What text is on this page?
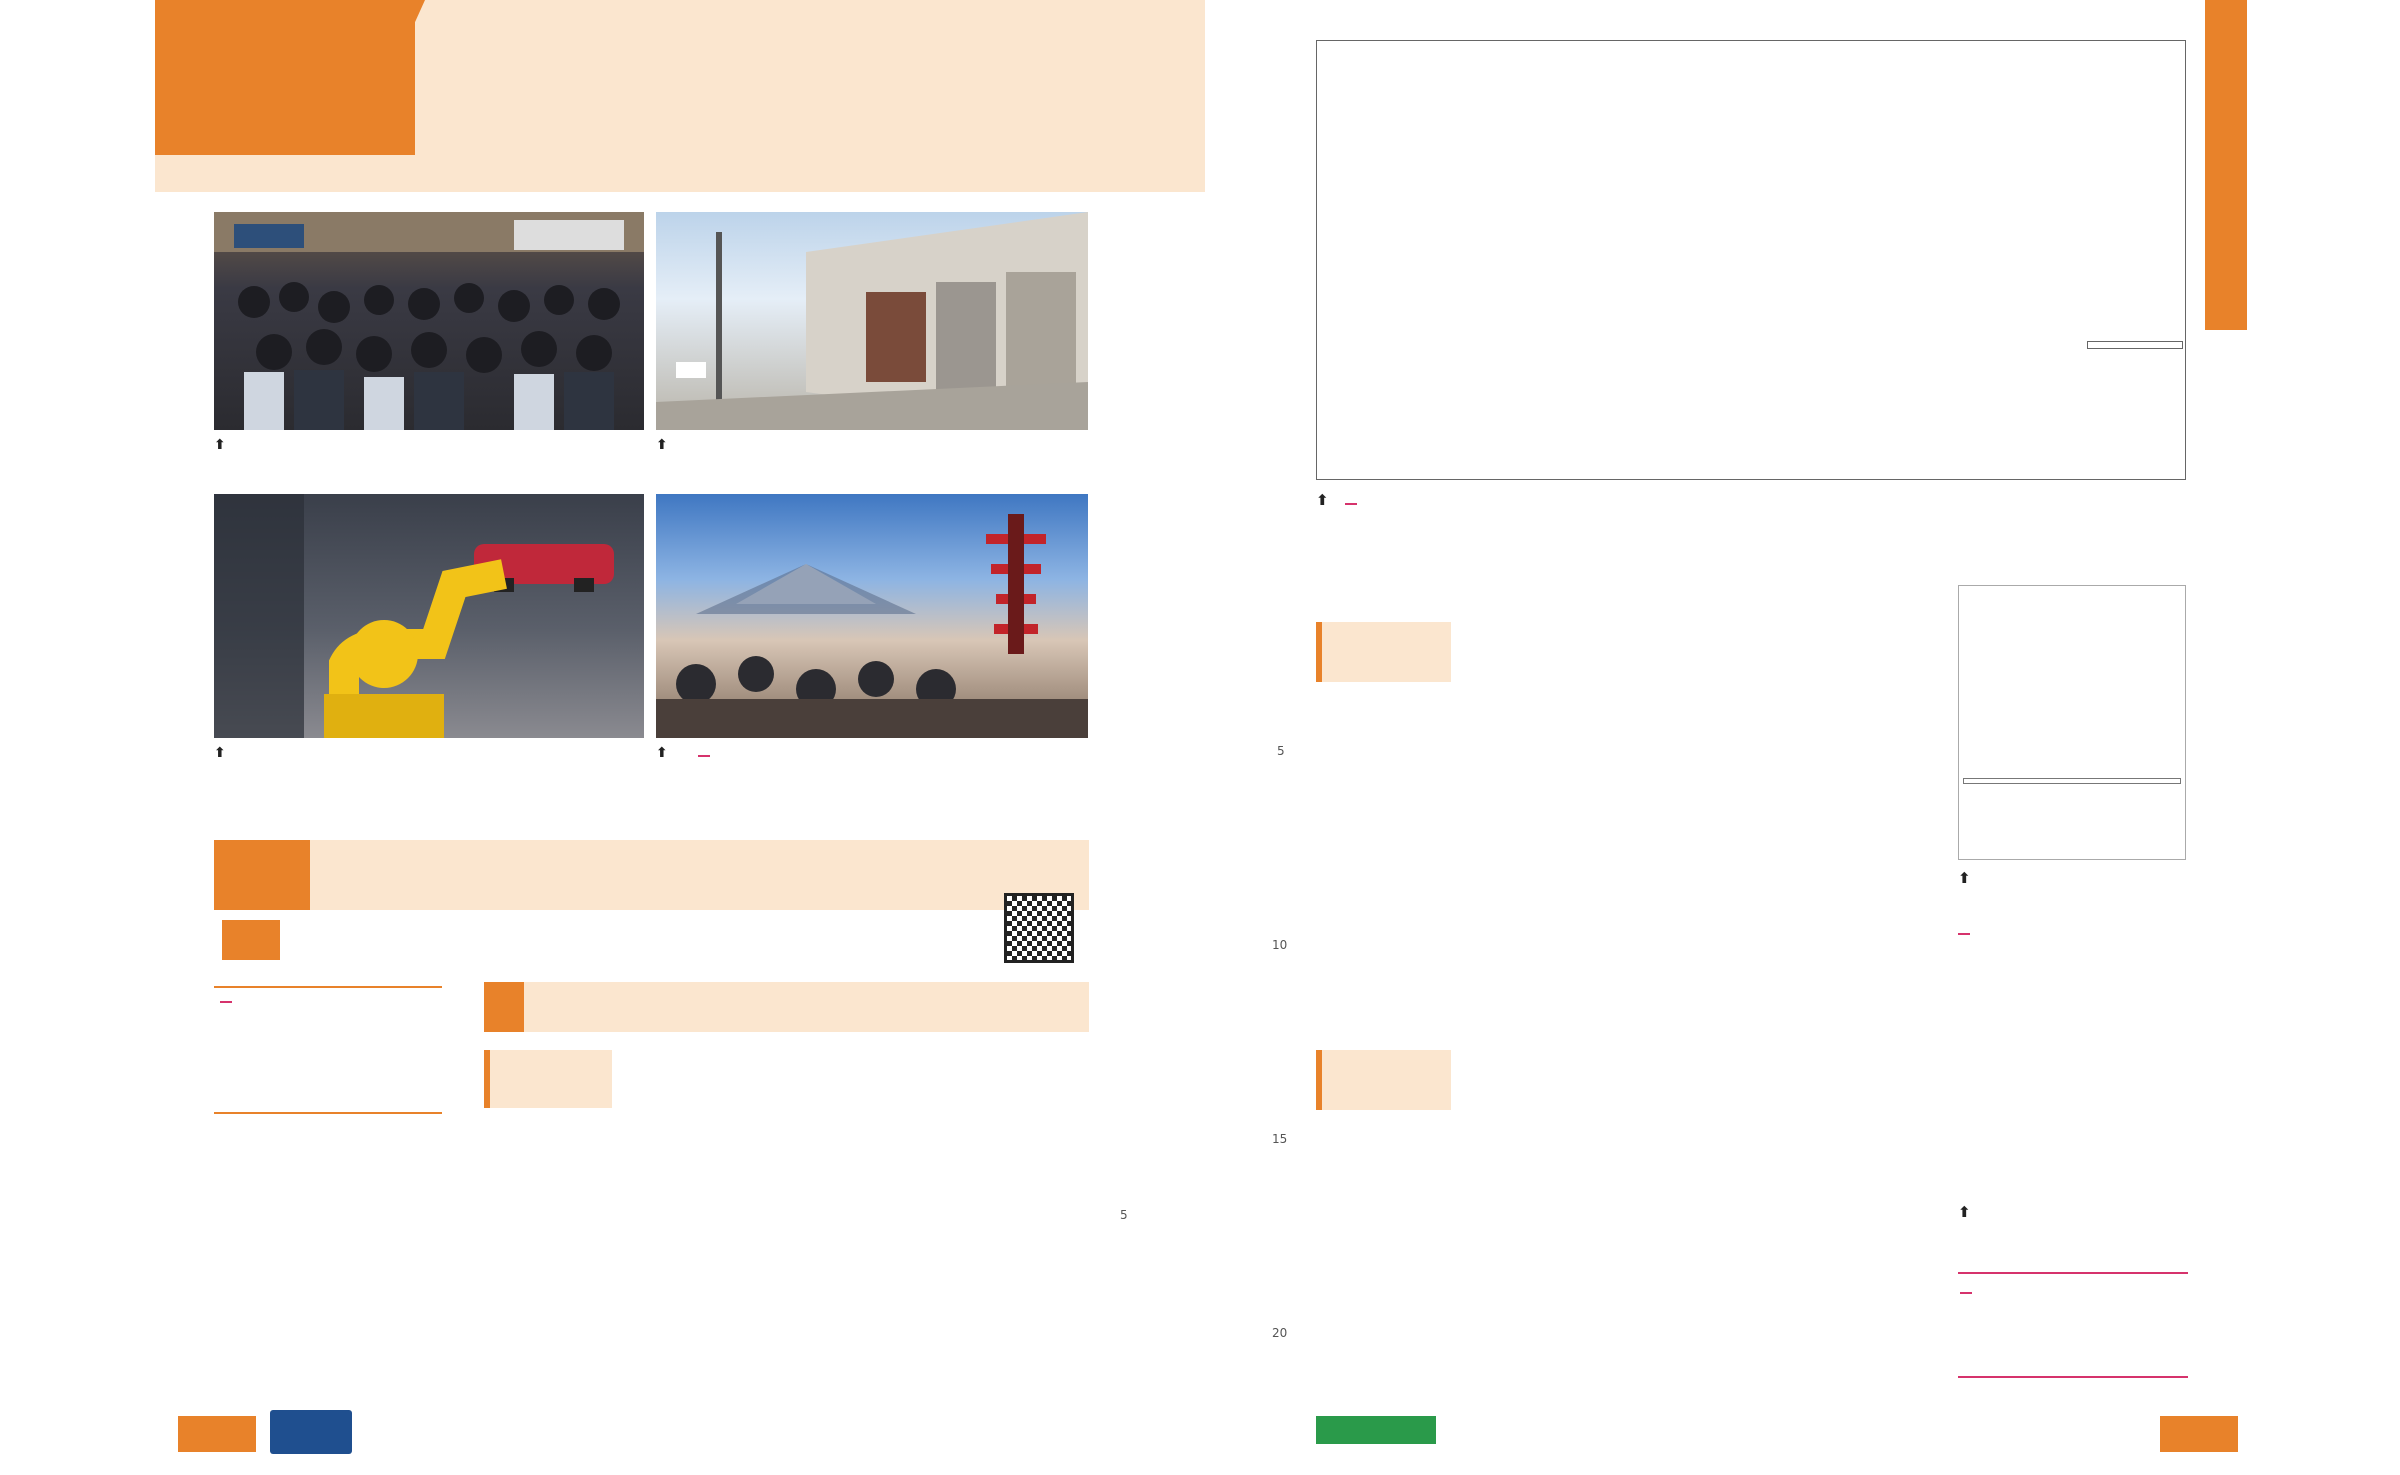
⬆　	⬆　
⬆　	⬆　
5
⬆
5
10
15
20
⬆
⬆
